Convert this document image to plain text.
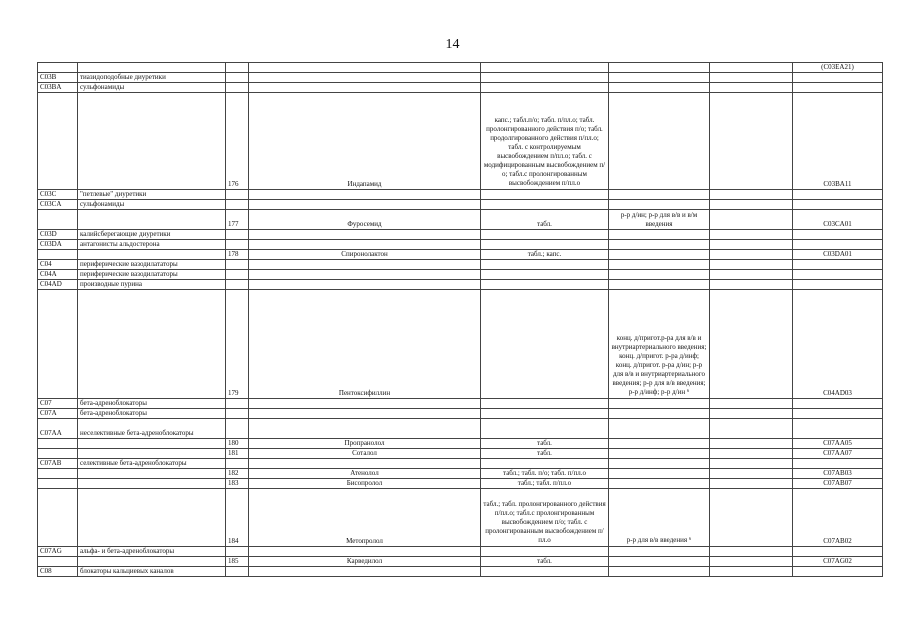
14
							(C03EA21)
C03B	тиазидоподобные диуретики						
C03BA	сульфонамиды						
		176	Индапамид	капс.; табл.п/о; табл. п/пл.о; табл. пролонгированного действия п/о; табл. продолгированного действия п/пл.о; табл. с контролируемым высвобождением п/пл.о; табл. с модифицированным высвобождением п/о; табл.с пролонгированным высвобождением п/пл.о			C03BA11
C03C	"петлевые" диуретики						
C03CA	сульфонамиды						
		177	Фуросемид	табл.	р-р д/ин; р-р для в/в и в/м введения		C03CA01
C03D	калийсберегающие диуретики						
C03DA	антагонисты альдостерона						
		178	Спиронолактон	табл.; капс.			C03DA01
C04	периферические вазодилататоры						
C04A	периферические вазодилататоры						
C04AD	производные пурина						
		179	Пентоксифиллин		конц. д/пригот.р-ра для в/в и внутриартериального введения; конц. д/пригот. р-ра д/инф; конц. д/пригот. р-ра д/ин; р-р для в/в и внутриартериального введения; р-р для в/в введения; р-р д/инф; р-р д/ин ⁶		C04AD03
C07	бета-адреноблокаторы						
C07A	бета-адреноблокаторы						
C07AA	неселективные бета-адреноблокаторы						
		180	Пропранолол	табл.			C07AA05
		181	Соталол	табл.			C07AA07
C07AB	селективные бета-адреноблокаторы						
		182	Атенолол	табл.; табл. п/о; табл. п/пл.о			C07AB03
		183	Бисопролол	табл.; табл. п/пл.о			C07AB07
		184	Метопролол	табл.; табл. пролонгированного действия п/пл.о; табл.с пролонгированным высвобождением п/о; табл. с пролонгированным высвобождением п/пл.о	р-р для в/в введения ⁶		C07AB02
C07AG	альфа- и бета-адреноблокаторы						
		185	Карведилол	табл.			C07AG02
C08	блокаторы кальциевых каналов						
